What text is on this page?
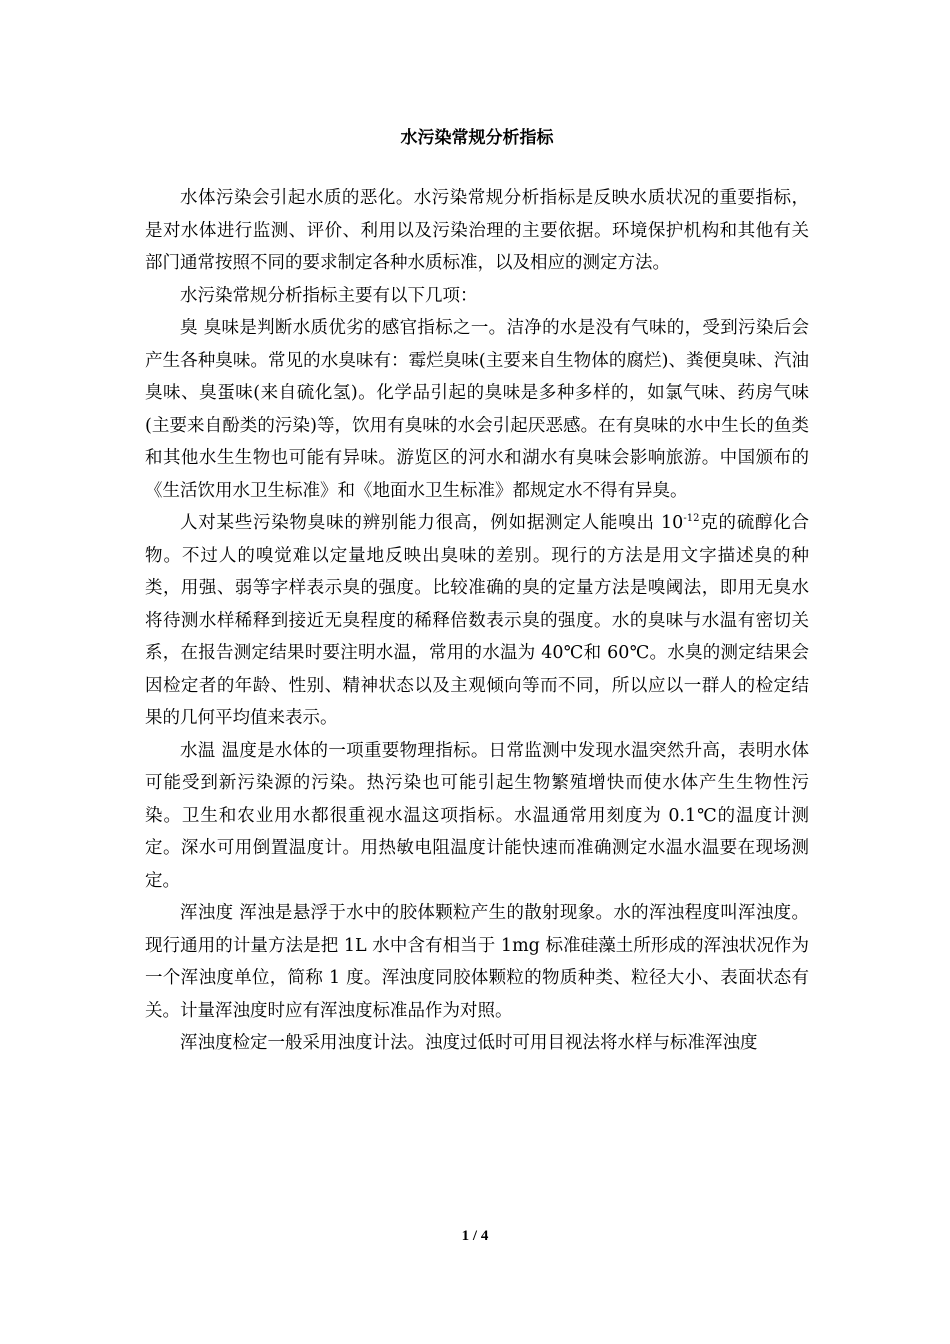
水污染常规分析指标

水体污染会引起水质的恶化。水污染常规分析指标是反映水质状况的重要指标，是对水体进行监测、评价、利用以及污染治理的主要依据。环境保护机构和其他有关部门通常按照不同的要求制定各种水质标准，以及相应的测定方法。

水污染常规分析指标主要有以下几项：

臭 臭味是判断水质优劣的感官指标之一。洁净的水是没有气味的，受到污染后会产生各种臭味。常见的水臭味有：霉烂臭味(主要来自生物体的腐烂)、粪便臭味、汽油臭味、臭蛋味(来自硫化氢)。化学品引起的臭味是多种多样的，如氯气味、药房气味(主要来自酚类的污染)等，饮用有臭味的水会引起厌恶感。在有臭味的水中生长的鱼类和其他水生生物也可能有异味。游览区的河水和湖水有臭味会影响旅游。中国颁布的《生活饮用水卫生标准》和《地面水卫生标准》都规定水不得有异臭。

人对某些污染物臭味的辨别能力很高，例如据测定人能嗅出 $10^{-12}$克的硫醇化合物。不过人的嗅觉难以定量地反映出臭味的差别。现行的方法是用文字描述臭的种类，用强、弱等字样表示臭的强度。比较准确的臭的定量方法是嗅阈法，即用无臭水将待测水样稀释到接近无臭程度的稀释倍数表示臭的强度。水的臭味与水温有密切关系，在报告测定结果时要注明水温，常用的水温为 40℃和 60℃。水臭的测定结果会因检定者的年龄、性别、精神状态以及主观倾向等而不同，所以应以一群人的检定结果的几何平均值来表示。

水温 温度是水体的一项重要物理指标。日常监测中发现水温突然升高，表明水体可能受到新污染源的污染。热污染也可能引起生物繁殖增快而使水体产生生物性污染。卫生和农业用水都很重视水温这项指标。水温通常用刻度为 0.1℃的温度计测定。深水可用倒置温度计。用热敏电阻温度计能快速而准确测定水温水温要在现场测定。

浑浊度 浑浊是悬浮于水中的胶体颗粒产生的散射现象。水的浑浊程度叫浑浊度。现行通用的计量方法是把 1L 水中含有相当于 1mg 标准硅藻土所形成的浑浊状况作为一个浑浊度单位，简称 1 度。浑浊度同胶体颗粒的物质种类、粒径大小、表面状态有关。计量浑浊度时应有浑浊度标准品作为对照。

浑浊度检定一般采用浊度计法。浊度过低时可用目视法将水样与标准浑浊度

1 / 4
